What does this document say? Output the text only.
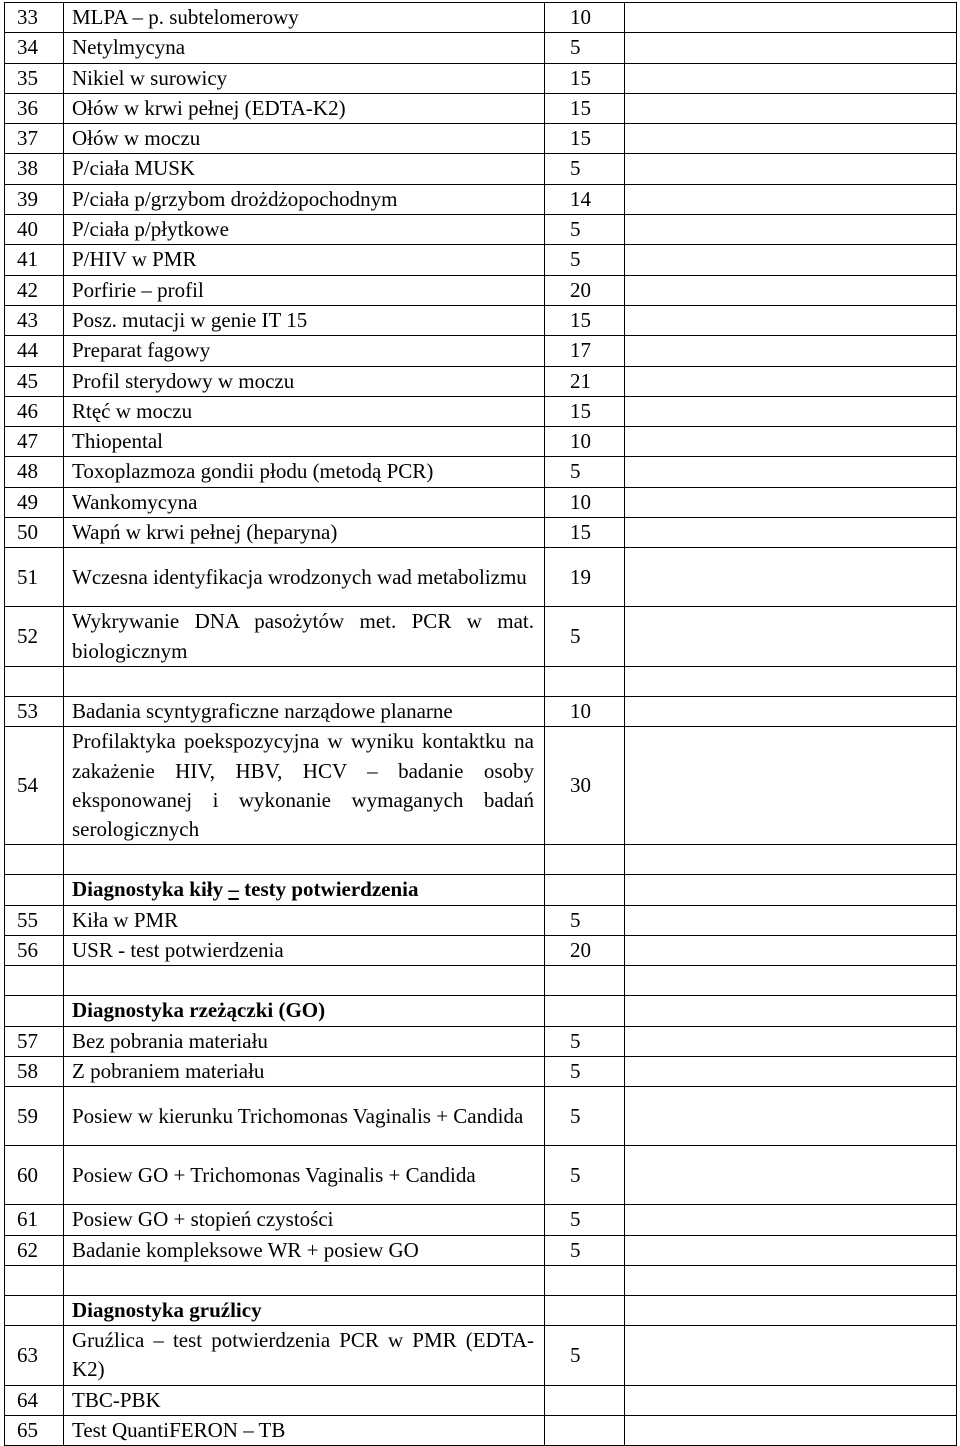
33	MLPA – p. subtelomerowy	10	
34	Netylmycyna	5	
35	Nikiel w surowicy	15	
36	Ołów w krwi pełnej (EDTA-K2)	15	
37	Ołów w moczu	15	
38	P/ciała MUSK	5	
39	P/ciała p/grzybom drożdżopochodnym	14	
40	P/ciała p/płytkowe	5	
41	P/HIV w PMR	5	
42	Porfirie – profil	20	
43	Posz. mutacji w genie IT 15	15	
44	Preparat fagowy	17	
45	Profil sterydowy w moczu	21	
46	Rtęć w moczu	15	
47	Thiopental	10	
48	Toxoplazmoza gondii płodu (metodą PCR)	5	
49	Wankomycyna	10	
50	Wapń w krwi pełnej (heparyna)	15	
51	Wczesna identyfikacja wrodzonych wad metabolizmu	19	
52	Wykrywanie DNA pasożytów met. PCR w mat. biologicznym	5	

53	Badania scyntygraficzne narządowe planarne	10	
54	Profilaktyka poekspozycyjna w wyniku kontaktku na zakażenie HIV, HBV, HCV – badanie osoby eksponowanej i wykonanie wymaganych badań serologicznych	30	

	Diagnostyka kiły – testy potwierdzenia		
55	Kiła w PMR	5	
56	USR - test potwierdzenia	20	

	Diagnostyka rzeżączki (GO)		
57	Bez pobrania materiału	5	
58	Z pobraniem materiału	5	
59	Posiew w kierunku Trichomonas Vaginalis + Candida	5	
60	Posiew GO + Trichomonas Vaginalis + Candida	5	
61	Posiew GO + stopień czystości	5	
62	Badanie kompleksowe WR + posiew GO	5	

	Diagnostyka gruźlicy		
63	Gruźlica – test potwierdzenia PCR w PMR (EDTA-K2)	5	
64	TBC-PBK		
65	Test QuantiFERON – TB		
